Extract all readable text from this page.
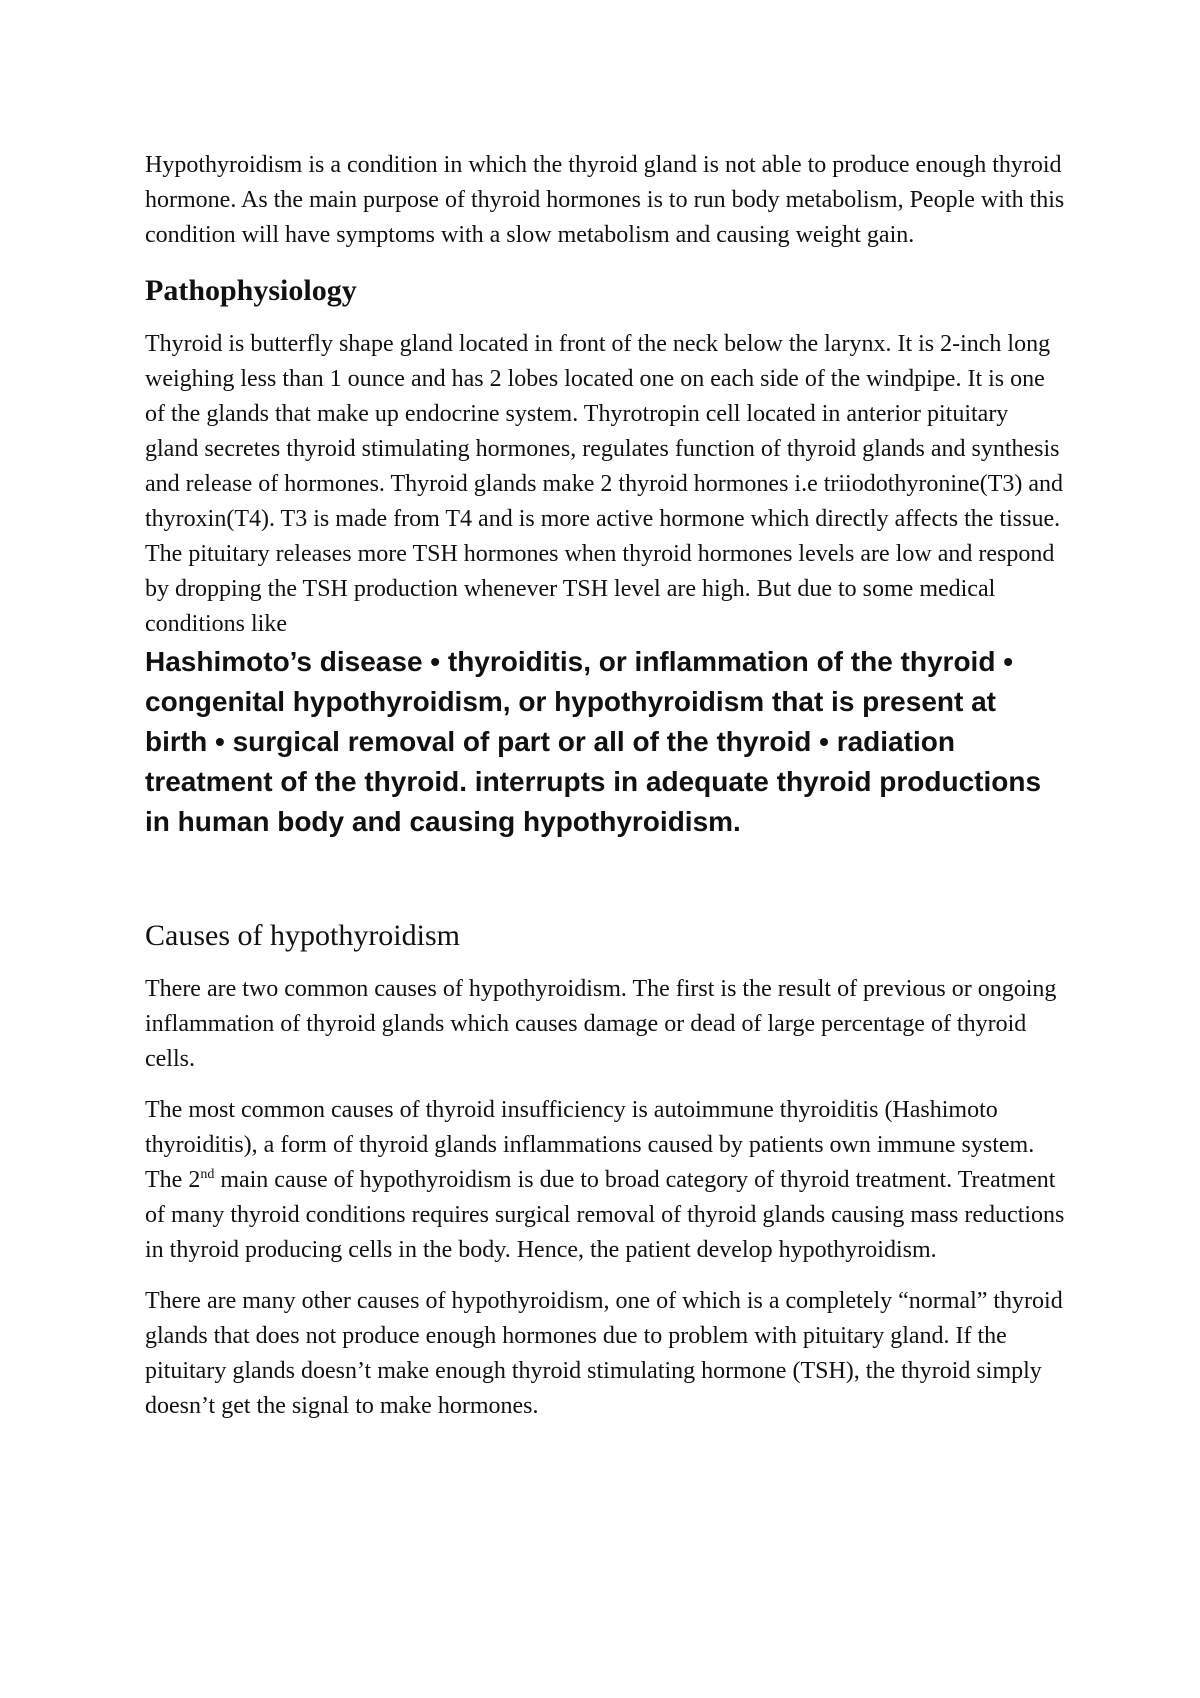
Hypothyroidism is a condition in which the thyroid gland is not able to produce enough thyroid hormone. As the main purpose of thyroid hormones is to run body metabolism, People with this condition will have symptoms with a slow metabolism and causing weight gain.

Pathophysiology

Thyroid is butterfly shape gland located in front of the neck below the larynx. It is 2-inch long weighing less than 1 ounce and has 2 lobes located one on each side of the windpipe. It is one of the glands that make up endocrine system. Thyrotropin cell located in anterior pituitary gland secretes thyroid stimulating hormones, regulates function of thyroid glands and synthesis and release of hormones. Thyroid glands make 2 thyroid hormones i.e triiodothyronine(T3) and thyroxin(T4). T3 is made from T4 and is more active hormone which directly affects the tissue. The pituitary releases more TSH hormones when thyroid hormones levels are low and respond by dropping the TSH production whenever TSH level are high. But due to some medical conditions like

Hashimoto’s disease • thyroiditis, or inflammation of the thyroid • congenital hypothyroidism, or hypothyroidism that is present at birth • surgical removal of part or all of the thyroid • radiation treatment of the thyroid. interrupts in adequate thyroid productions in human body and causing hypothyroidism.

Causes of hypothyroidism

There are two common causes of hypothyroidism. The first is the result of previous or ongoing inflammation of thyroid glands which causes damage or dead of large percentage of thyroid cells.

The most common causes of thyroid insufficiency is autoimmune thyroiditis (Hashimoto thyroiditis), a form of thyroid glands inflammations caused by patients own immune system. The 2nd main cause of hypothyroidism is due to broad category of thyroid treatment. Treatment of many thyroid conditions requires surgical removal of thyroid glands causing mass reductions in thyroid producing cells in the body. Hence, the patient develop hypothyroidism.

There are many other causes of hypothyroidism, one of which is a completely “normal” thyroid glands that does not produce enough hormones due to problem with pituitary gland. If the pituitary glands doesn’t make enough thyroid stimulating hormone (TSH), the thyroid simply doesn’t get the signal to make hormones.
